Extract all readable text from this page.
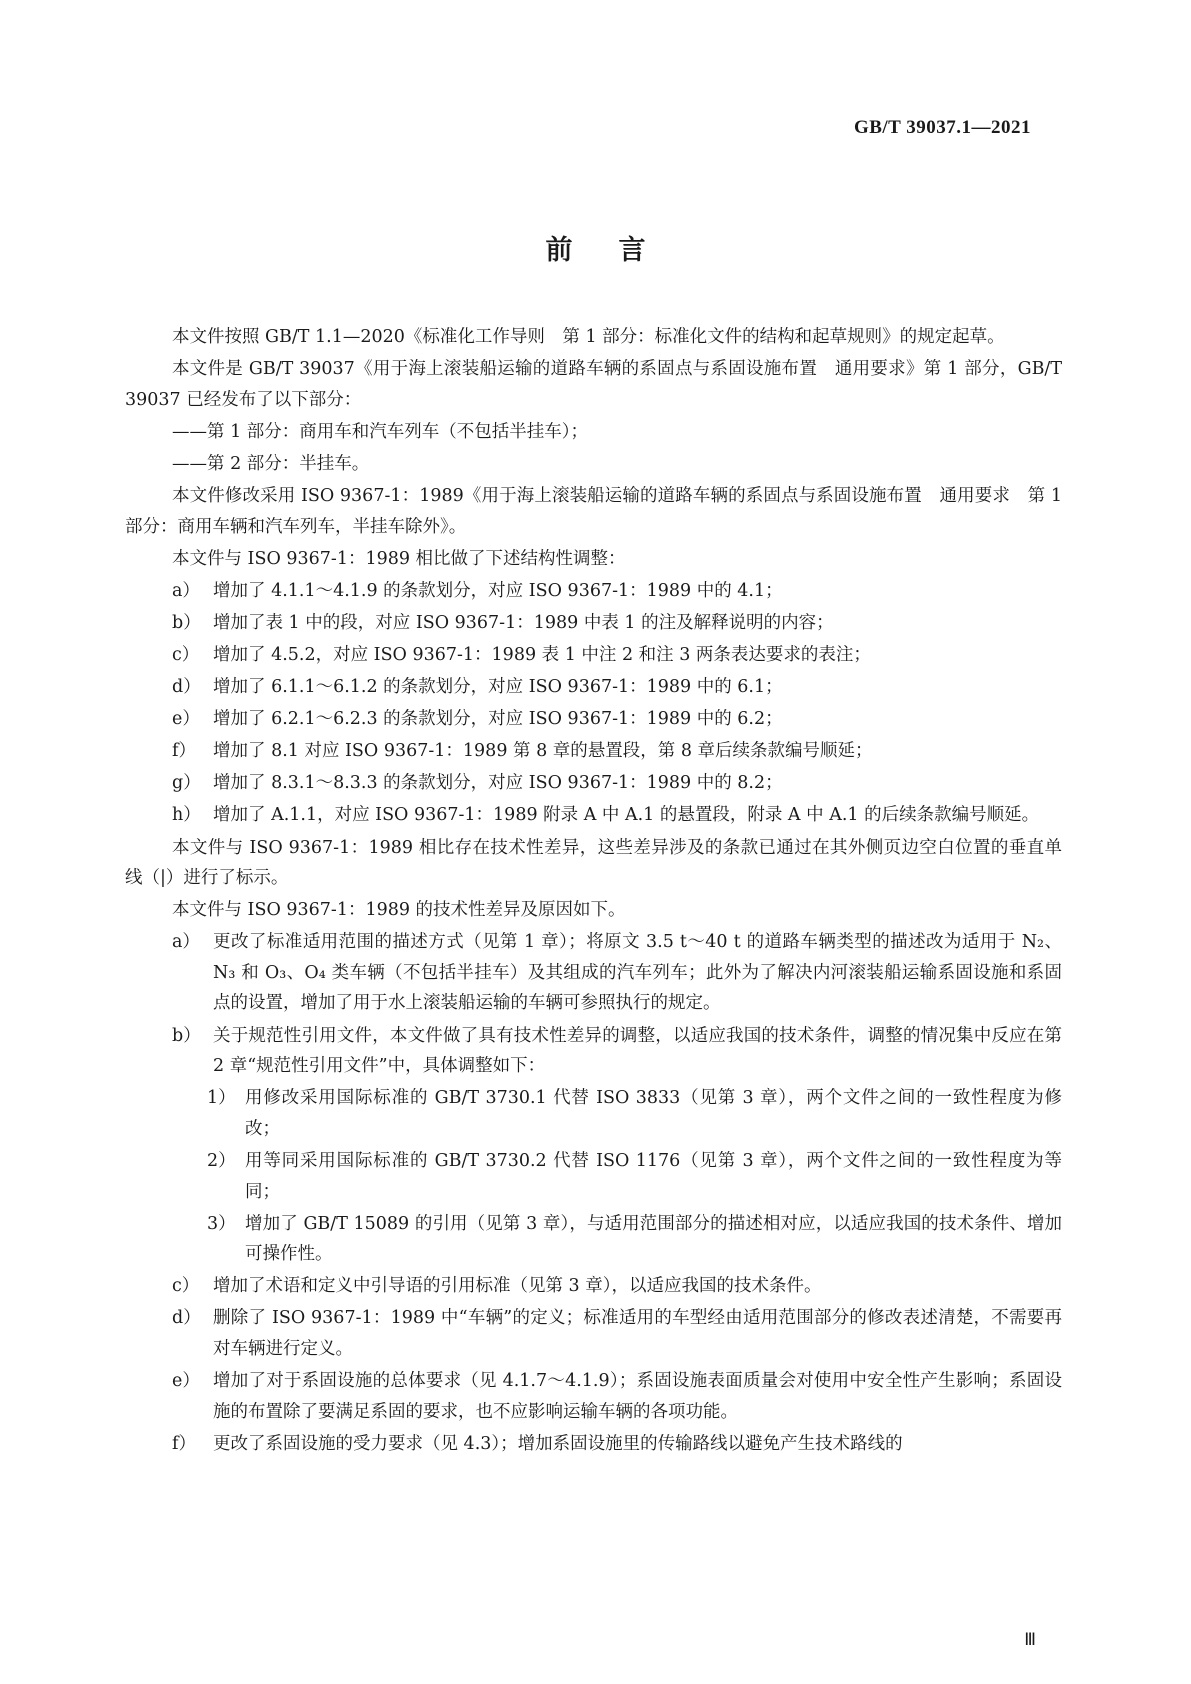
GB/T 39037.1—2021
前言

本文件按照 GB/T 1.1—2020《标准化工作导则　第 1 部分：标准化文件的结构和起草规则》的规定起草。

本文件是 GB/T 39037《用于海上滚装船运输的道路车辆的系固点与系固设施布置　通用要求》第 1 部分，GB/T 39037 已经发布了以下部分：

——第 1 部分：商用车和汽车列车（不包括半挂车）；

——第 2 部分：半挂车。

本文件修改采用 ISO 9367-1：1989《用于海上滚装船运输的道路车辆的系固点与系固设施布置　通用要求　第 1 部分：商用车辆和汽车列车，半挂车除外》。

本文件与 ISO 9367-1：1989 相比做了下述结构性调整：

a） 增加了 4.1.1～4.1.9 的条款划分，对应 ISO 9367-1：1989 中的 4.1；
b） 增加了表 1 中的段，对应 ISO 9367-1：1989 中表 1 的注及解释说明的内容；
c） 增加了 4.5.2，对应 ISO 9367-1：1989 表 1 中注 2 和注 3 两条表达要求的表注；
d） 增加了 6.1.1～6.1.2 的条款划分，对应 ISO 9367-1：1989 中的 6.1；
e） 增加了 6.2.1～6.2.3 的条款划分，对应 ISO 9367-1：1989 中的 6.2；
f） 增加了 8.1 对应 ISO 9367-1：1989 第 8 章的悬置段，第 8 章后续条款编号顺延；
g） 增加了 8.3.1～8.3.3 的条款划分，对应 ISO 9367-1：1989 中的 8.2；
h） 增加了 A.1.1，对应 ISO 9367-1：1989 附录 A 中 A.1 的悬置段，附录 A 中 A.1 的后续条款编号顺延。

本文件与 ISO 9367-1：1989 相比存在技术性差异，这些差异涉及的条款已通过在其外侧页边空白位置的垂直单线（|）进行了标示。

本文件与 ISO 9367-1：1989 的技术性差异及原因如下。

a） 更改了标准适用范围的描述方式（见第 1 章）；将原文 3.5 t～40 t 的道路车辆类型的描述改为适用于 N₂、N₃ 和 O₃、O₄ 类车辆（不包括半挂车）及其组成的汽车列车；此外为了解决内河滚装船运输系固设施和系固点的设置，增加了用于水上滚装船运输的车辆可参照执行的规定。
b） 关于规范性引用文件，本文件做了具有技术性差异的调整，以适应我国的技术条件，调整的情况集中反应在第 2 章“规范性引用文件”中，具体调整如下：
1） 用修改采用国际标准的 GB/T 3730.1 代替 ISO 3833（见第 3 章），两个文件之间的一致性程度为修改；
2） 用等同采用国际标准的 GB/T 3730.2 代替 ISO 1176（见第 3 章），两个文件之间的一致性程度为等同；
3） 增加了 GB/T 15089 的引用（见第 3 章），与适用范围部分的描述相对应，以适应我国的技术条件、增加可操作性。
c） 增加了术语和定义中引导语的引用标准（见第 3 章），以适应我国的技术条件。
d） 删除了 ISO 9367-1：1989 中“车辆”的定义；标准适用的车型经由适用范围部分的修改表述清楚，不需要再对车辆进行定义。
e） 增加了对于系固设施的总体要求（见 4.1.7～4.1.9）；系固设施表面质量会对使用中安全性产生影响；系固设施的布置除了要满足系固的要求，也不应影响运输车辆的各项功能。
f） 更改了系固设施的受力要求（见 4.3）；增加系固设施里的传输路线以避免产生技术路线的
Ⅲ
